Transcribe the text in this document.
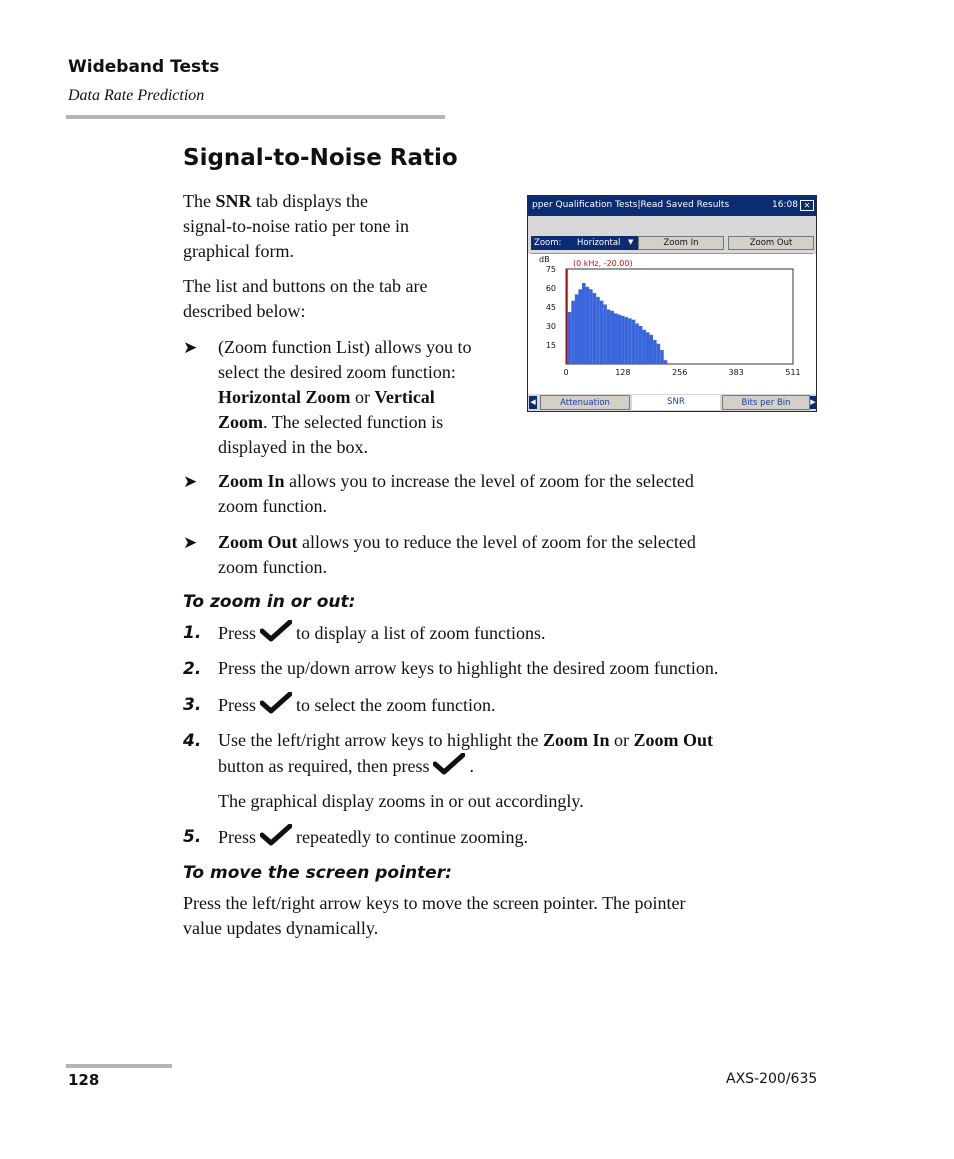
Wideband Tests
Data Rate Prediction
Signal-to-Noise Ratio

The SNR tab displays the
signal-to-noise ratio per tone in
graphical form.

The list and buttons on the tab are
described below:

➤ (Zoom function List) allows you to
select the desired zoom function:
Horizontal Zoom or Vertical
Zoom. The selected function is
displayed in the box.

➤ Zoom In allows you to increase the level of zoom for the selected
zoom function.

➤ Zoom Out allows you to reduce the level of zoom for the selected
zoom function.

To zoom in or out:
1. Press to display a list of zoom functions.

2. Press the up/down arrow keys to highlight the desired zoom function.

3. Press to select the zoom function.

4. Use the left/right arrow keys to highlight the Zoom In or Zoom Out
button as required, then press .

The graphical display zooms in or out accordingly.

5. Press repeatedly to continue zooming.

To move the screen pointer:

Press the left/right arrow keys to move the screen pointer. The pointer
value updates dynamically.

pper Qualification Tests|Read Saved Results	16:08 ✕
Zoom: Horizontal ▼	Zoom In	Zoom Out
dB	(0 kHz, -20.00)
75
60
45
30
15
0	128	256	383	511
◀	Attenuation	SNR	Bits per Bin	▶
128	AXS-200/635
